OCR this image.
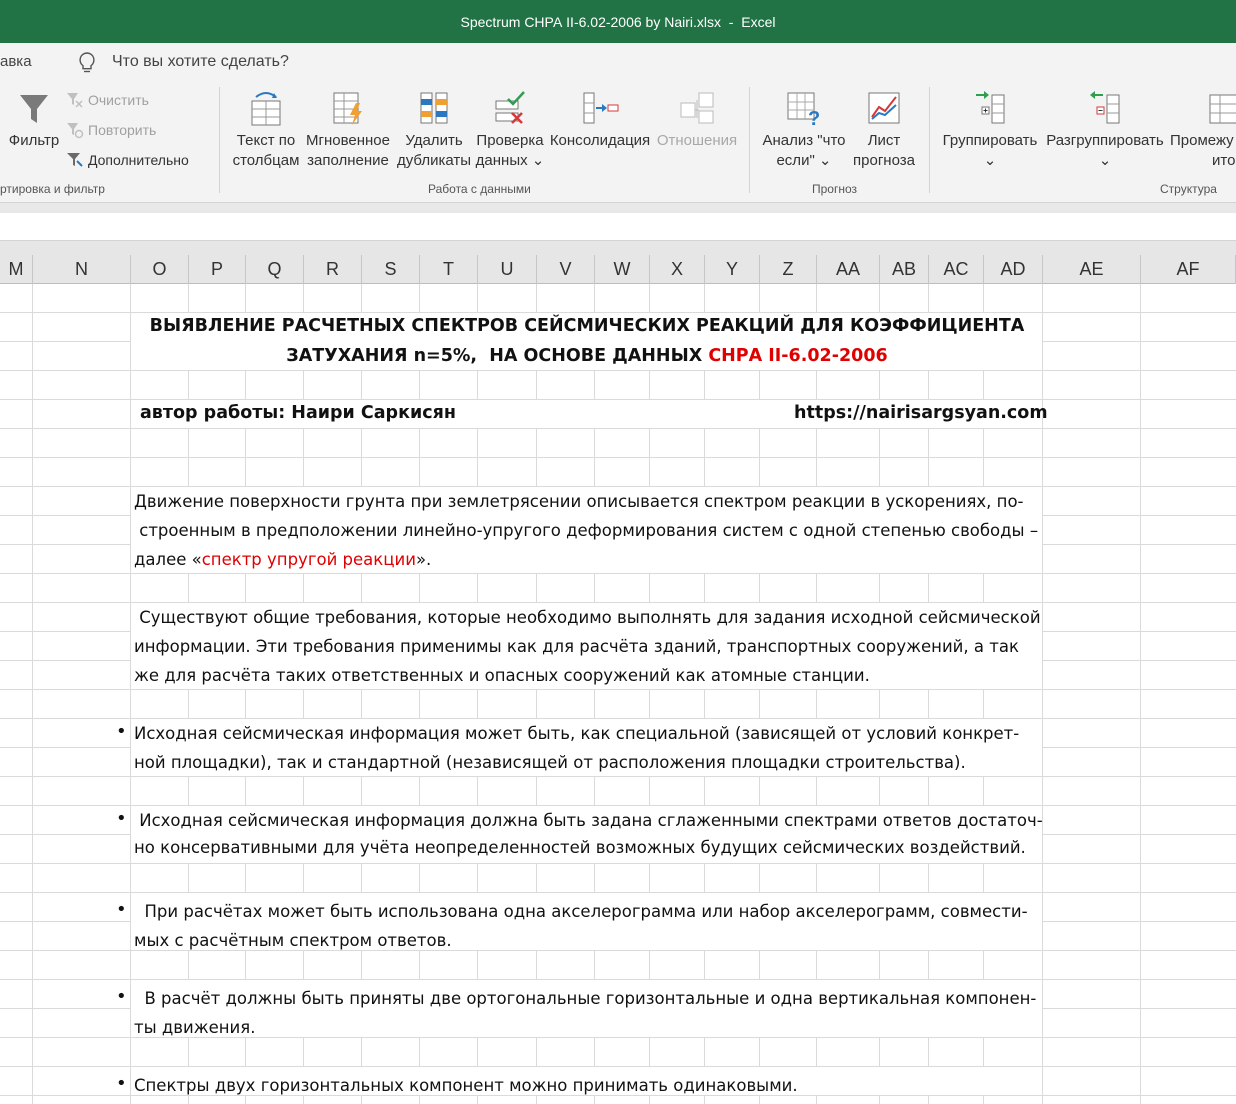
Spectrum СНРА II-6.02-2006 by Nairi.xlsx  -  Excel
авка	Что вы хотите сделать?
Фильтр
Очистить
Повторить
Дополнительно
ртировка и фильтр
Текст по
столбцам
Мгновенное
заполнение
Удалить
дубликаты
Проверка
данных ⌄
Консолидация Отношения
Работа с данными
?
Анализ "что
если" ⌄
Лист
прогноза
Прогноз
Группировать
⌄
Разгруппировать
⌄
Промежу
ито
Структура
M	N	O	P	Q	R	S	T	U	V	W	X	Y	Z	AA	AB	AC	AD	AE	AF
ВЫЯВЛЕНИЕ РАСЧЕТНЫХ СПЕКТРОВ СЕЙСМИЧЕСКИХ РЕАКЦИЙ ДЛЯ КОЭФФИЦИЕНТА
ЗАТУХАНИЯ n=5%,  НА ОСНОВЕ ДАННЫХ СНРА II-6.02-2006
автор работы: Наири Саркисян	https://nairisargsyan.com
Движение поверхности грунта при землетрясении описывается спектром реакции в ускорениях, по-
строенным в предположении линейно-упругого деформирования систем с одной степенью свободы –
далее «спектр упругой реакции».
Существуют общие требования, которые необходимо выполнять для задания исходной сейсмической
информации. Эти требования применимы как для расчёта зданий, транспортных сооружений, а так
же для расчёта таких ответственных и опасных сооружений как атомные станции.
• Исходная сейсмическая информация может быть, как специальной (зависящей от условий конкрет-
ной площадки), так и стандартной (независящей от расположения площадки строительства).
• Исходная сейсмическая информация должна быть задана сглаженными спектрами ответов достаточ-
но консервативными для учёта неопределенностей возможных будущих сейсмических воздействий.
• При расчётах может быть использована одна акселерограмма или набор акселерограмм, совмести-
мых с расчётным спектром ответов.
• В расчёт должны быть приняты две ортогональные горизонтальные и одна вертикальная компонен-
ты движения.
• Спектры двух горизонтальных компонент можно принимать одинаковыми.
